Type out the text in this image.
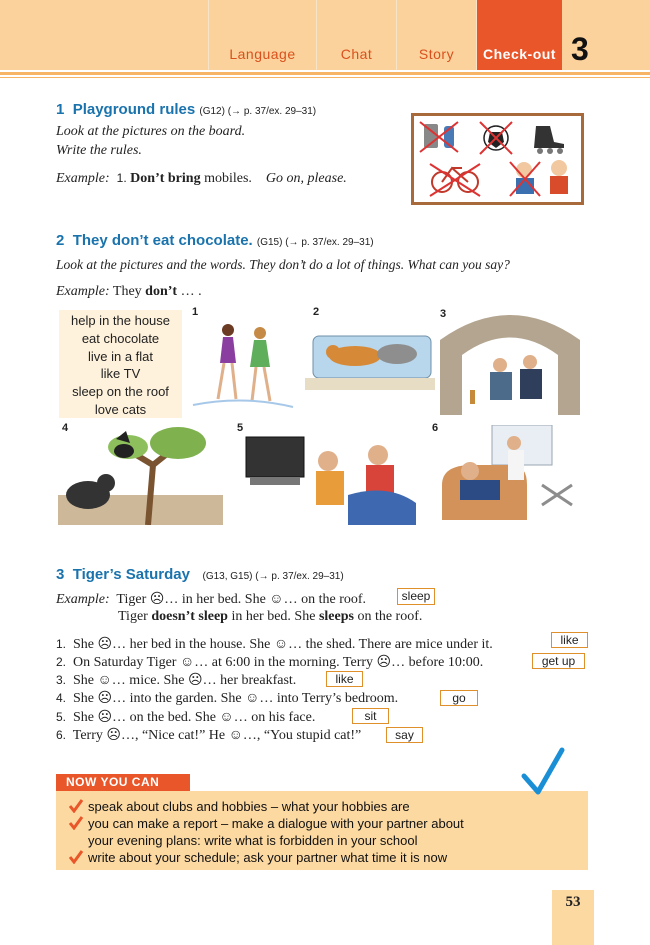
Language	Chat	Story Check-out 3
1 Playground rules (G12) (→ p. 37/ex. 29–31)
Look at the pictures on the board.
Write the rules.
Example: 1. Don’t bring mobiles. Go on, please.
2 They don’t eat chocolate. (G15) (→ p. 37/ex. 29–31)
Look at the pictures and the words. They don’t do a lot of things. What can you say?
Example: They don’t … .
help in the house
eat chocolate
live in a flat
like TV
sleep on the roof
love cats
1	2	3
4	5	6
3 Tiger’s Saturday (G13, G15) (→ p. 37/ex. 29–31)
Example: Tiger ☹… in her bed. She ☺… on the roof.	sleep
Tiger doesn’t sleep in her bed. She sleeps on the roof.
1. She ☹… her bed in the house. She ☺… the shed. There are mice under it.	like
2. On Saturday Tiger ☺… at 6:00 in the morning. Terry ☹… before 10:00.	get up
3. She ☺… mice. She ☹… her breakfast.	like
4. She ☹… into the garden. She ☺… into Terry’s bedroom.	go
5. She ☹… on the bed. She ☺… on his face.	sit
6. Terry ☹…, “Nice cat!” He ☺…, “You stupid cat!”	say
NOW YOU CAN
speak about clubs and hobbies – what your hobbies are
you can make a report – make a dialogue with your partner about
your evening plans: write what is forbidden in your school
write about your schedule; ask your partner what time it is now
53
